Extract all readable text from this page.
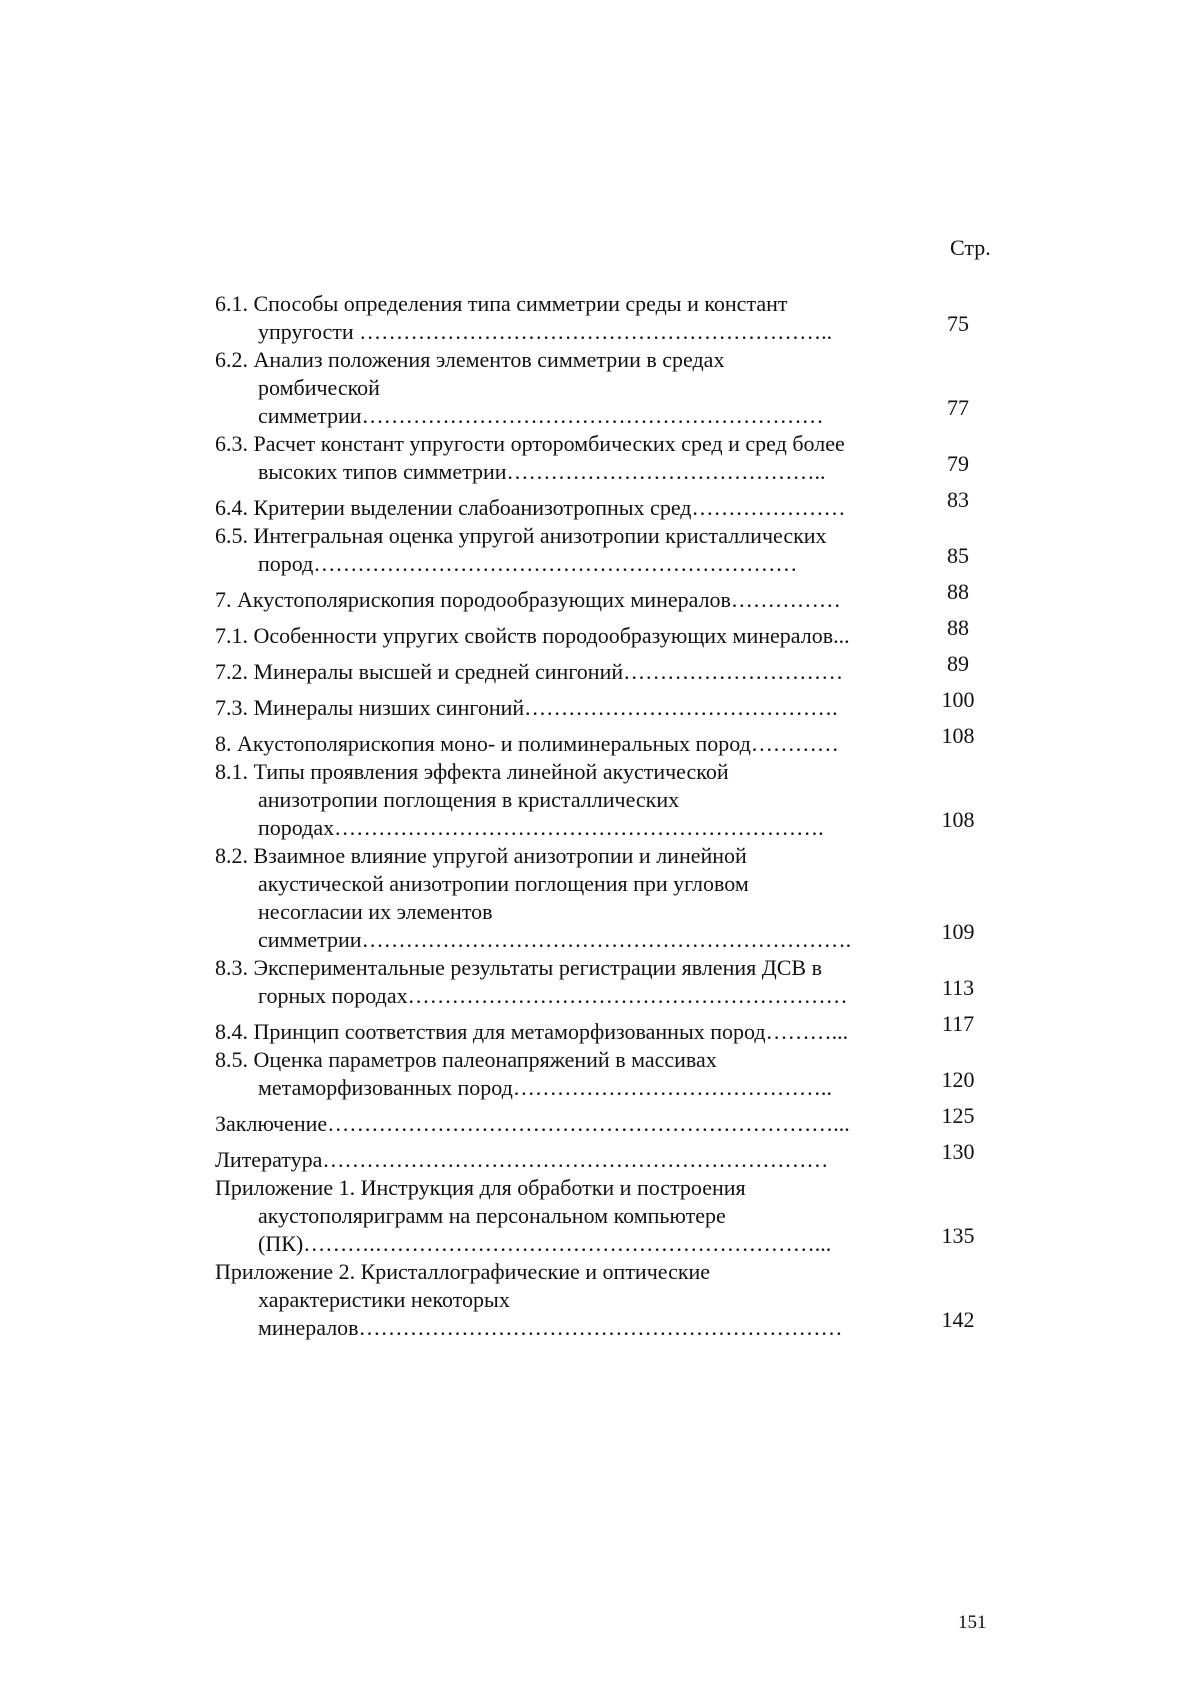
Стр.
6.1. Способы определения типа симметрии среды и констант
упругости ………………………………………………………..	75
6.2. Анализ положения элементов симметрии в средах
ромбической
симметрии………………………………………………………	77
6.3. Расчет констант упругости орторомбических сред и сред более
высоких типов симметрии……………………………………..	79
6.4. Критерии выделении слабоанизотропных сред…………………	83
6.5. Интегральная оценка упругой анизотропии кристаллических
пород…………………………………………………………	85
7. Акустополярископия породообразующих минералов……………	88
7.1. Особенности упругих свойств породообразующих минералов...	88
7.2. Минералы высшей и средней сингоний…………………………	89
7.3. Минералы низших сингоний…………………………………….	100
8. Акустополярископия моно- и полиминеральных пород…………	108
8.1. Типы проявления эффекта линейной акустической
анизотропии поглощения в кристаллических
породах………………………………………………………….	108
8.2. Взаимное влияние упругой анизотропии и линейной
акустической анизотропии поглощения при угловом
несогласии их элементов
симметрии………………………………………………………….	109
8.3. Экспериментальные результаты регистрации явления ДСВ в
горных породах……………………………………………………	113
8.4. Принцип соответствия для метаморфизованных пород………...	117
8.5. Оценка параметров палеонапряжений в массивах
метаморфизованных пород……………………………………..	120
Заключение……………………………………………………………...	125
Литература……………………………………………………………	130
Приложение 1. Инструкция для обработки и построения
акустополяриграмм на персональном компьютере
(ПК)……….……………………………………………………...	135
Приложение 2. Кристаллографические и оптические
характеристики некоторых
минералов…………………………………………………………	142
151
